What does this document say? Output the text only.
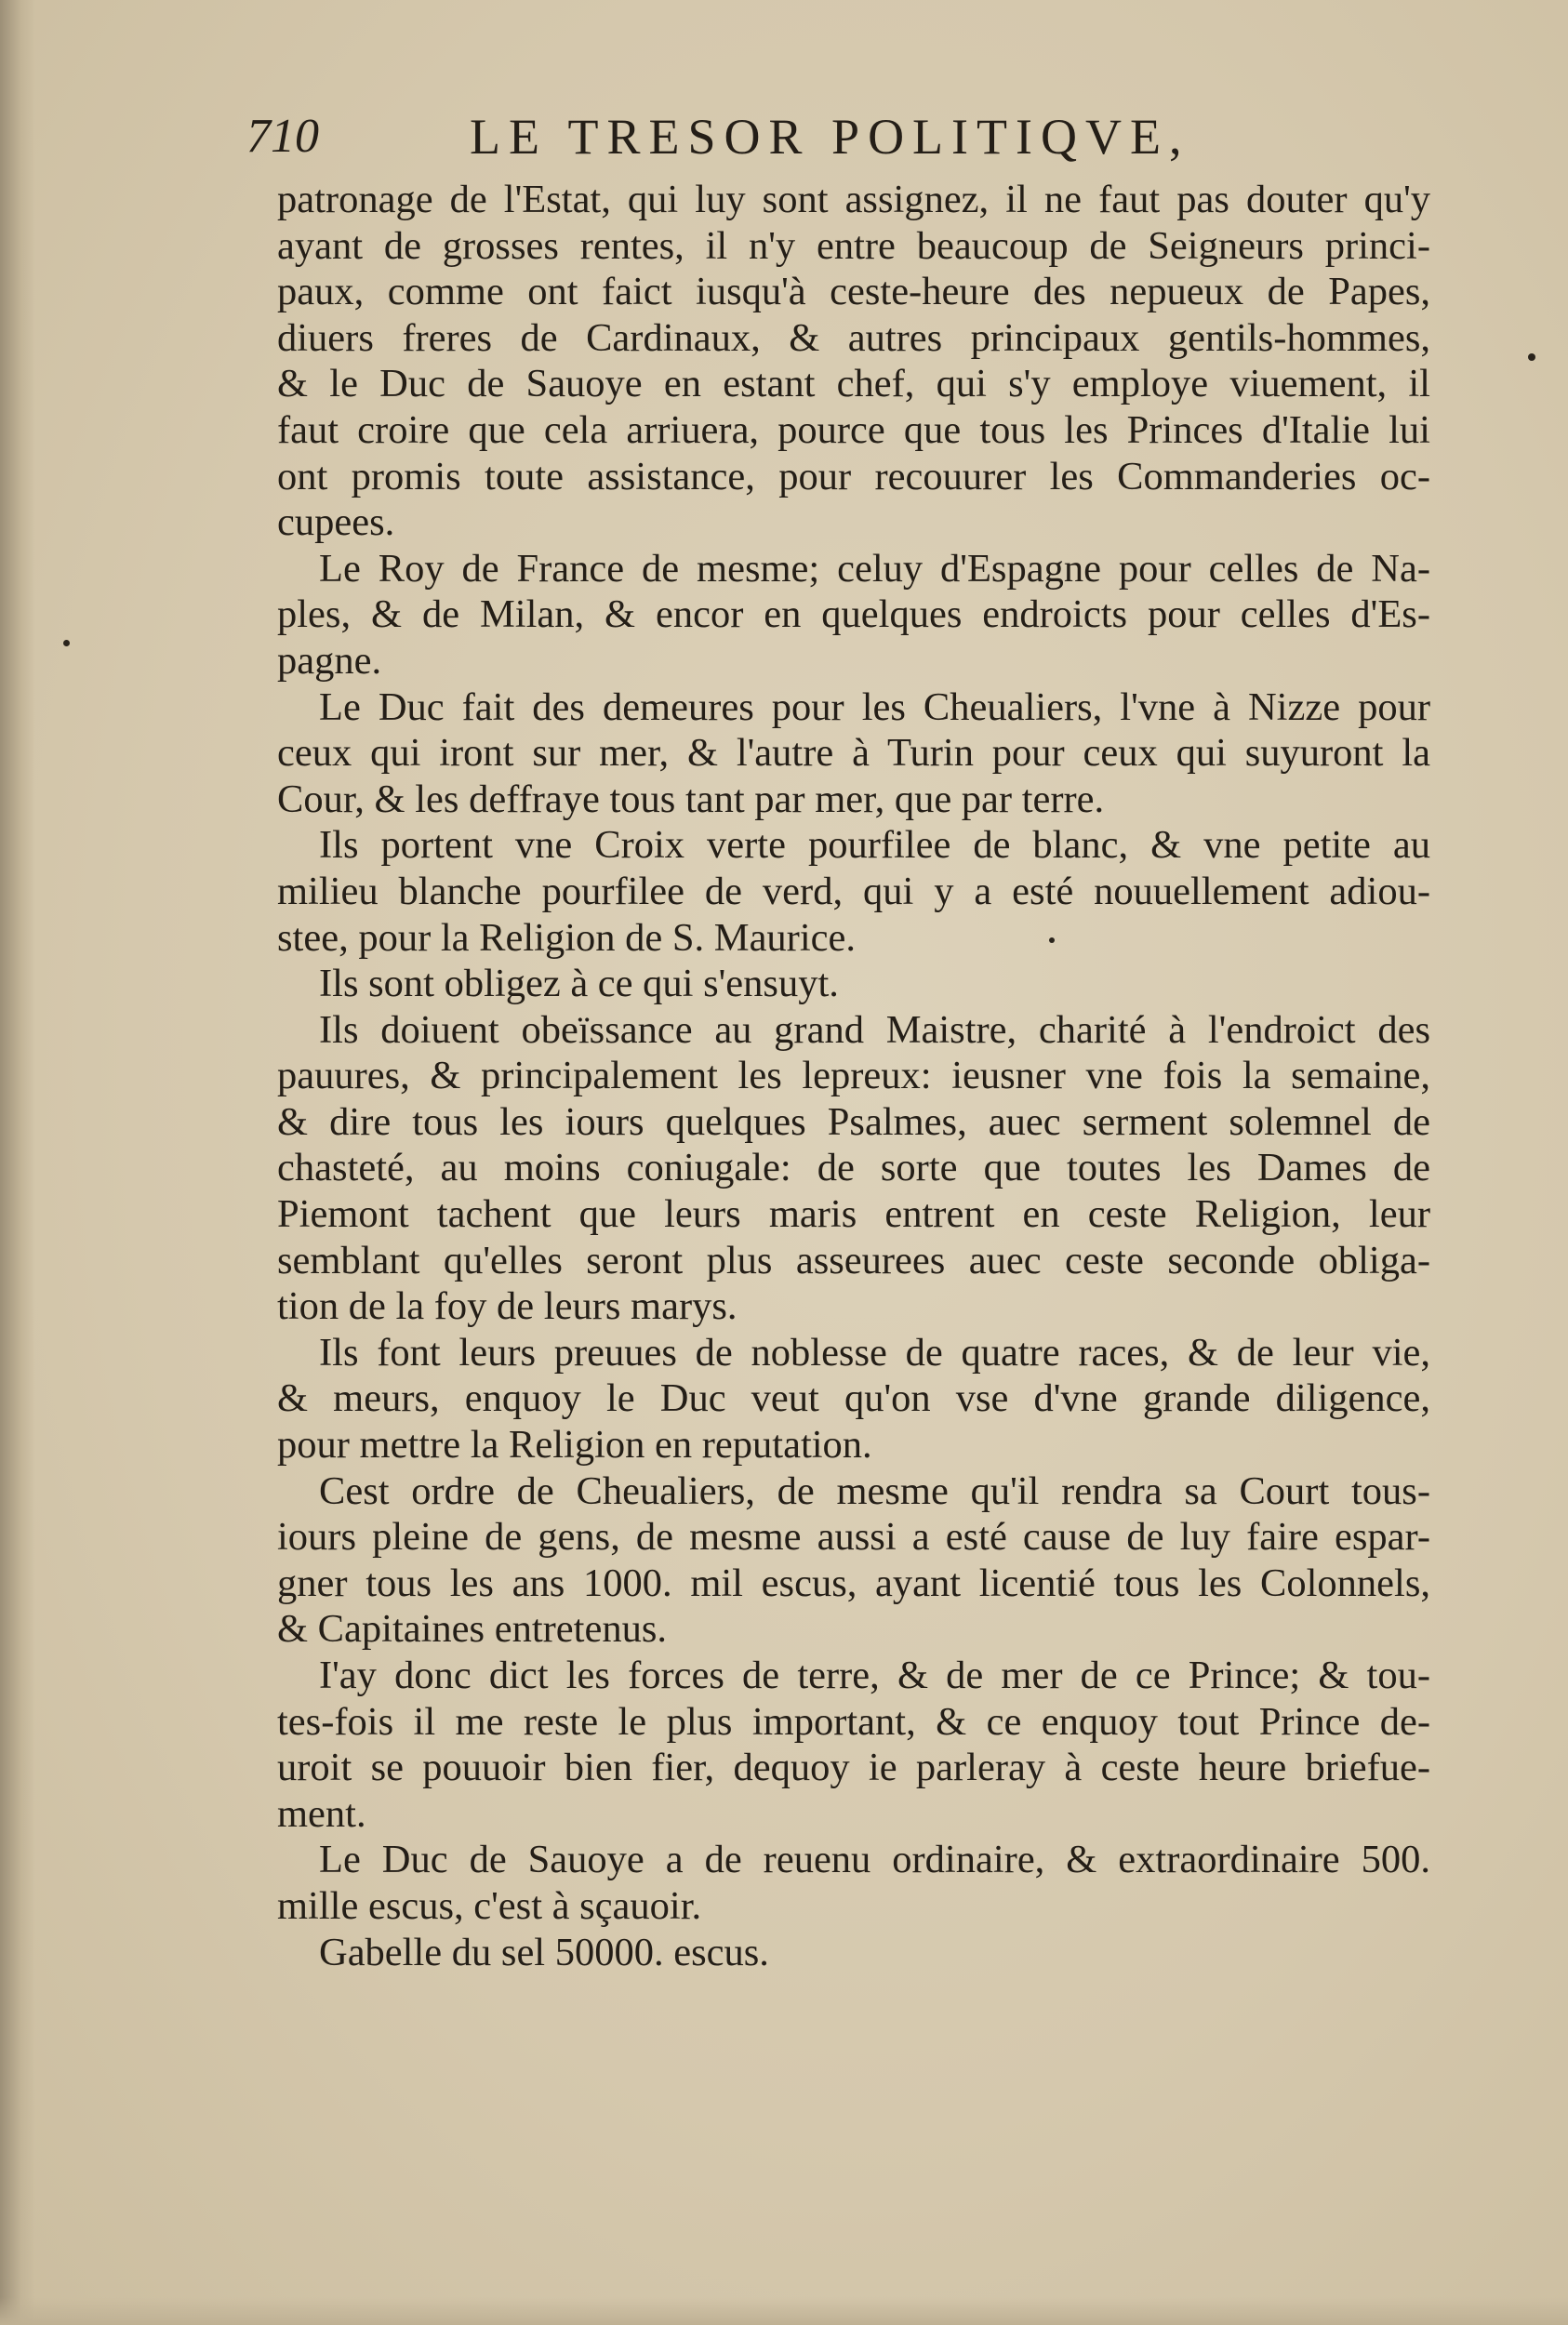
710	LE TRESOR POLITIQVE,
patronage de l'Estat, qui luy sont assignez, il ne faut pas douter qu'y
ayant de grosses rentes, il n'y entre beaucoup de Seigneurs princi-
paux, comme ont faict iusqu'à ceste-heure des nepueux de Papes,
diuers freres de Cardinaux, & autres principaux gentils-hommes,
& le Duc de Sauoye en estant chef, qui s'y employe viuement, il
faut croire que cela arriuera, pource que tous les Princes d'Italie lui
ont promis toute assistance, pour recouurer les Commanderies oc-
cupees.
Le Roy de France de mesme; celuy d'Espagne pour celles de Na-
ples, & de Milan, & encor en quelques endroicts pour celles d'Es-
pagne.
Le Duc fait des demeures pour les Cheualiers, l'vne à Nizze pour
ceux qui iront sur mer, & l'autre à Turin pour ceux qui suyuront la
Cour, & les deffraye tous tant par mer, que par terre.
Ils portent vne Croix verte pourfilee de blanc, & vne petite au
milieu blanche pourfilee de verd, qui y a esté nouuellement adiou-
stee, pour la Religion de S. Maurice.
Ils sont obligez à ce qui s'ensuyt.
Ils doiuent obeïssance au grand Maistre, charité à l'endroict des
pauures, & principalement les lepreux: ieusner vne fois la semaine,
& dire tous les iours quelques Psalmes, auec serment solemnel de
chasteté, au moins coniugale: de sorte que toutes les Dames de
Piemont tachent que leurs maris entrent en ceste Religion, leur
semblant qu'elles seront plus asseurees auec ceste seconde obliga-
tion de la foy de leurs marys.
Ils font leurs preuues de noblesse de quatre races, & de leur vie,
& meurs, enquoy le Duc veut qu'on vse d'vne grande diligence,
pour mettre la Religion en reputation.
Cest ordre de Cheualiers, de mesme qu'il rendra sa Court tous-
iours pleine de gens, de mesme aussi a esté cause de luy faire espar-
gner tous les ans 1000. mil escus, ayant licentié tous les Colonnels,
& Capitaines entretenus.
I'ay donc dict les forces de terre, & de mer de ce Prince; & tou-
tes-fois il me reste le plus important, & ce enquoy tout Prince de-
uroit se pouuoir bien fier, dequoy ie parleray à ceste heure briefue-
ment.
Le Duc de Sauoye a de reuenu ordinaire, & extraordinaire 500.
mille escus, c'est à sçauoir.
Gabelle du sel 50000. escus.
